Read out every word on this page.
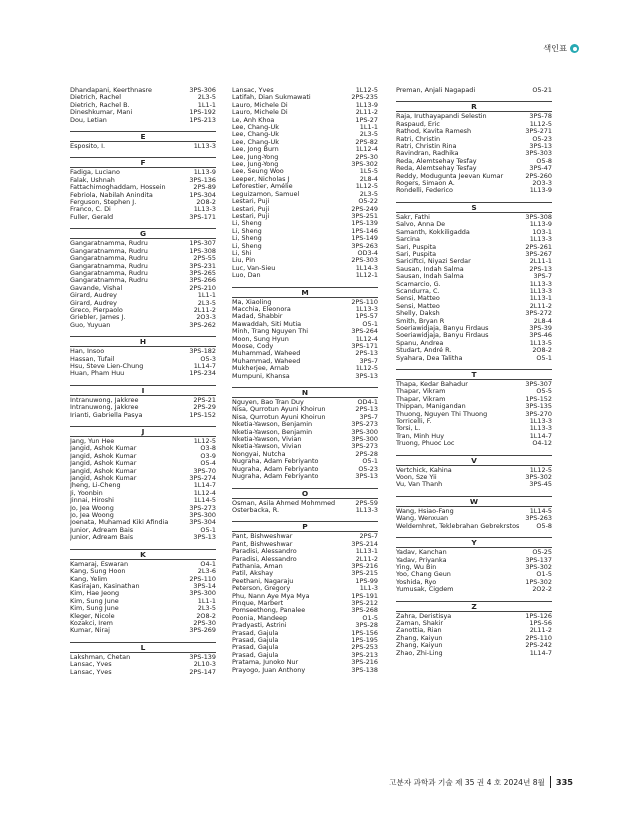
색인표
Dhandapani, Keerthnasre	3PS-306
Dietrich, Rachel	2L3-5
Dietrich, Rachel B.	1L1-1
Dineshkumar, Mani	1PS-192
Dou, Letian	1PS-213
E
Esposito, I.	1L13-3
F
Fadiga, Luciano	1L13-9
Falak, Ushnah	3PS-136
Fattachimoghaddam, Hossein	2PS-89
Febriola, Nabilah Anindita	1PS-304
Ferguson, Stephen J.	2O8-2
Franco, C. Di	1L13-3
Fuller, Gerald	3PS-171
G
Gangaratnamma, Rudru	1PS-307
Gangaratnamma, Rudru	1PS-308
Gangaratnamma, Rudru	2PS-55
Gangaratnamma, Rudru	3PS-231
Gangaratnamma, Rudru	3PS-265
Gangaratnamma, Rudru	3PS-266
Gavande, Vishal	2PS-210
Girard, Audrey	1L1-1
Girard, Audrey	2L3-5
Greco, Pierpaolo	2L11-2
Griebler, James J.	2O3-3
Guo, Yuyuan	3PS-262
H
Han, Insoo	3PS-182
Hassan, Tufail	O5-3
Hsu, Steve Lien-Chung	1L14-7
Huan, Pham Huu	1PS-234
I
Intranuwong, Jakkree	2PS-21
Intranuwong, Jakkree	2PS-29
Irianti, Gabriella Pasya	1PS-152
J
Jang, Yun Hee	1L12-5
Jangid, Ashok Kumar	O3-8
Jangid, Ashok Kumar	O3-9
Jangid, Ashok Kumar	O5-4
Jangid, Ashok Kumar	3PS-70
Jangid, Ashok Kumar	3PS-274
Jheng, Li-Cheng	1L14-7
Ji, Yoonbin	1L12-4
Jinnai, Hiroshi	1L14-5
Jo, Jea Woong	3PS-273
Jo, Jea Woong	3PS-300
Joenata, Muhamad Kiki Afindia	3PS-304
Junior, Adream Bais	O5-1
Junior, Adream Bais	3PS-13
K
Kamaraj, Eswaran	O4-1
Kang, Sung Hoon	2L3-6
Kang, Yelim	2PS-110
Kasirajan, Kasinathan	3PS-14
Kim, Hae Jeong	3PS-300
Kim, Sung June	1L1-1
Kim, Sung June	2L3-5
Kleger, Nicole	2O8-2
Kozakci, Irem	2PS-30
Kumar, Niraj	3PS-269
L
Lakshman, Chetan	3PS-139
Lansac, Yves	2L10-3
Lansac, Yves	2PS-147
Lansac, Yves	1L12-5
Latifah, Dian Sukmawati	2PS-235
Lauro, Michele Di	1L13-9
Lauro, Michele Di	2L11-2
Le, Anh Khoa	1PS-27
Lee, Chang-Uk	1L1-1
Lee, Chang-Uk	2L3-5
Lee, Chang-Uk	2PS-82
Lee, Jong Burn	1L12-4
Lee, Jung-Yong	2PS-30
Lee, Jung-Yong	3PS-302
Lee, Seung Woo	1L5-5
Leeper, Nicholas J	2L8-4
Leforestier, Amélie	1L12-5
Leguizamon, Samuel	2L3-5
Lestari, Puji	O5-22
Lestari, Puji	2PS-249
Lestari, Puji	3PS-251
Li, Sheng	1PS-139
Li, Sheng	1PS-146
Li, Sheng	1PS-149
Li, Sheng	3PS-263
Li, Shi	OD3-4
Liu, Pin	2PS-303
Luc, Van-Sieu	1L14-3
Luo, Dan	1L12-1
M
Ma, Xiaoling	2PS-110
Macchia, Eleonora	1L13-3
Madad, Shabbir	1PS-57
Mawaddah, Siti Mutia	O5-1
Minh, Trang Nguyen Thi	3PS-264
Moon, Sung Hyun	1L12-4
Moose, Cody	3PS-171
Muhammad, Waheed	2PS-13
Muhammad, Waheed	3PS-7
Mukherjee, Arnab	1L12-5
Mumpuni, Khansa	3PS-13
N
Nguyen, Bao Tran Duy	OD4-1
Nisa, Qurrotun Ayuni Khoirun	2PS-13
Nisa, Qurrotun Ayuni Khoirun	3PS-7
Nketia-Yawson, Benjamin	3PS-273
Nketia-Yawson, Benjamin	3PS-300
Nketia-Yawson, Vivian	3PS-300
Nketia-Yawson, Vivian	3PS-273
Nongyai, Nutcha	2PS-28
Nugraha, Adam Febriyanto	O5-1
Nugraha, Adam Febriyanto	O5-23
Nugraha, Adam Febriyanto	3PS-13
O
Osman, Asila Ahmed Mohmmed	2PS-59
Österbacka, R.	1L13-3
P
Pant, Bishweshwar	2PS-7
Pant, Bishweshwar	3PS-214
Paradisi, Alessandro	1L13-1
Paradisi, Alessandro	2L11-2
Pathania, Aman	3PS-216
Patil, Akshay	3PS-215
Peethani, Nagaraju	1PS-99
Peterson, Gregory	1L1-3
Phu, Nann Aye Mya Mya	1PS-191
Pinque, Marbert	3PS-212
Pomseethong, Panalee	3PS-268
Poonia, Mandeep	O1-5
Pradyasti, Astrini	3PS-28
Prasad, Gajula	1PS-156
Prasad, Gajula	1PS-195
Prasad, Gajula	2PS-253
Prasad, Gajula	3PS-213
Pratama, Junoko Nur	3PS-216
Prayogo, Juan Anthony	3PS-138
Preman, Anjali Nagapadi	O5-21
R
Raja, Iruthayapandi Selestin	3PS-78
Raspaud, Eric	1L12-5
Rathod, Kavita Ramesh	3PS-271
Ratri, Christin	O5-23
Ratri, Christin Rina	3PS-13
Ravindran, Radhika	3PS-303
Reda, Alemtsehay Tesfay	O5-8
Reda, Alemtsehay Tesfay	3PS-47
Reddy, Modugunta Jeevan Kumar	2PS-260
Rogers, Simaon A.	2O3-3
Rondelli, Federico	1L13-9
S
Sakr, Fathi	3PS-308
Salvo, Anna De	1L13-9
Samanth, Kokkiligadda	1O3-1
Sarcina	1L13-3
Sari, Puspita	2PS-261
Sari, Puspita	3PS-267
Sariciftci, Niyazi Serdar	2L11-1
Sausan, Indah Salma	2PS-13
Sausan, Indah Salma	3PS-7
Scamarcio, G.	1L13-3
Scandurra, C.	1L13-3
Sensi, Matteo	1L13-1
Sensi, Matteo	2L11-2
Shelly, Daksh	3PS-272
Smith, Bryan R	2L8-4
Soeriawidjaja, Banyu Firdaus	3PS-39
Soeriawidjaja, Banyu Firdaus	3PS-46
Spanu, Andrea	1L13-5
Studart, André R.	2O8-2
Syahara, Dea Talitha	O5-1
T
Thapa, Kedar Bahadur	3PS-307
Thapar, Vikram	O5-5
Thapar, Vikram	1PS-152
Thippan, Manigandan	3PS-135
Thuong, Nguyen Thi Thuong	3PS-270
Torricelli, F.	1L13-3
Torsi, L.	1L13-3
Tran, Minh Huy	1L14-7
Truong, Phuoc Loc	O4-12
V
Vertchick, Kahina	1L12-5
Voon, Sze Yii	3PS-302
Vu, Van Thanh	3PS-45
W
Wang, Hsiao-Fang	1L14-5
Wang, Wenxuan	3PS-263
Weldemhret, Teklebrahan Gebrekrstos	O5-8
Y
Yadav, Kanchan	O5-25
Yadav, Priyanka	3PS-137
Ying, Wu Bin	3PS-302
Yoo, Chang Geun	O1-5
Yoshida, Ryo	1PS-302
Yumusak, Cigdem	2O2-2
Z
Zahra, Deristisya	1PS-126
Zaman, Shakir	1PS-56
Zanottia, Rian	2L11-2
Zhang, Kaiyun	2PS-110
Zhang, Kaiyun	2PS-242
Zhao, Zhi-Ling	1L14-7
고분자 과학과 기술 제 35 권 4 호 2024년 8월 335
